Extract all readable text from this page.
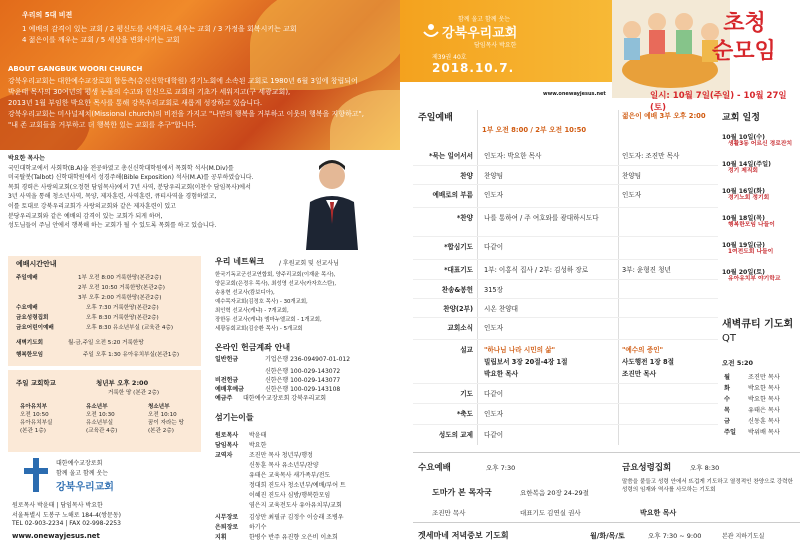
우리의 5대 비젼
1 예배의 감격이 있는 교회 / 2 평신도를 사역자로 세우는 교회 / 3 가정을 회복시키는 교회
4 젊은이를 깨우는 교회 / 5 세상을 변화시키는 교회
ABOUT GANGBUK WOORI CHURCH
강북우리교회는 대한예수교장로회 합동측(총신신학대학원) 경기노회에 소속된 교회로 1980년 6월 3일에 창립되어
박윤태 목사의 30여년의 평생 눈물의 수고와 헌신으로 교회의 기초가 세워지고(구 세광교회),
2013년 1월 부임한 박요한 목사를 통해 강북우리교회로 새롭게 성장하고 있습니다.
강북우리교회는 미사널제치(Missional church)의 비전을 가지고 "나만의 행복을 거부하고 이웃의 행복을 지향하고",
"내 존 교회들을 거부하고 더 행복한 있는 교회를 추구"합니다.
함께 울고 함께 웃는
강북우리교회
담임목사 박요한
제39권 40호
2018.10.7.
www.onewayjesus.net
초청
순모임
일시: 10월 7일(주일) - 10월 27일(토)
박요한 목사는
국민대학교에서 사회학(B.A)을 전공하였고 총신신학대학원에서 목회학 석사(M.Div)를
미국탈봇(Talbot) 신학대학원에서 성경주해(Bible Exposition) 석사(M.A)를 공부하였습니다.
목회 경력은 사랑의교회(오정현 담임목사)에서 7년 사역, 분당우리교회(이찬수 담임목사)에서
3년 사역을 통해 청소년사역, 목양, 제자훈련, 사역훈련, 큐티사역을 경험하였고,
이를 토대로 강북우리교회가 사랑의교회와 같은 제자훈련이 있고
분당우리교회와 같은 예배의 감격이 있는 교회가 되게 하며,
성도님들이 주님 안에서 행복해 하는 교회가 될 수 있도록 목회를 하고 있습니다.
예배시간안내
주일예배	1부 오전 8:00 거룩한땅(본관2층)
2부 오전 10:50 거룩한땅(본관2층)
3부 오후 2:00 거룩한땅(본관2층)
수요예배	오후 7:30 거룩한땅(본관2층)
금요성령집회	오후 8:30 거룩한땅(본관2층)
금요어린이예배	오후 8:30 유소년부실 (교육관 4층)
새벽기도회	월-금,주일 오전 5:20 거룩한땅
행복한모임	주일 오후 1:30 유아유치부실(본관1층)
주일 교회학교	청년부 오후 2:00
거룩한 땅 (본관 2층)
유아유치부
오전 10:50
유아유치부실
(본관 1층)
유소년부
오전 10:30
유소년부실
(교육관 4층)
청소년부
오전 10:10
꿈이 자라는 땅
(본관 2층)
대한예수교장로회
함께 울고 함께 웃는
강북우리교회
원로목사 박윤태 | 담임목사 박요한
서울특별시 도봉구 노해로 184-4(쌍문동)
TEL 02-903-2234 | FAX 02-998-2253
www.onewayjesus.net
우리 네트웍크 / 후원교회 및 선교사님
한국기독교군선교연합회, 양주리교회(이재윤 목사),
양문교회(은정우 목사), 최성영 선교사(카자흐스탄),
송용현 선교사(캄보디아),
예수목자교회(김정호 목사) - 30개교회,
최인혁 선교사(케냐) - 7개교회,
장한동 선교사(케냐) 엠마누엘교회 - 1개교회,
세광동회교회(김승환 목사) - 5개교회
온라인 헌금계좌 안내
일반헌금	기업은행 236-094907-01-012
신한은행 100-029-143072
비전헌금	신한은행 100-029-143077
예배후예금	신한은행 100-029-143108
예금주 대한예수교장로회 강북우리교회
섬기는이들
원로목사 박윤태
담임목사 박요한
교역자	조진만 목사 청년부/행정
신동훈 목사 유소년부/찬양
유태은 교육목사 새가족부/전도
정대희 진도사 청소년부/예배/부어 트
이혜진 진도사 심방/행복한모임
염은지 교육전도사 유아유치부/교회
시무장로 김상만 최필규 김정수 이승래 조병우
은퇴장로 하기수
지휘	한병수 반주 유진향 오은비 이초희
주일예배
1부 오전 8:00 / 2부 오전 10:50
젊은이 예배 3부 오후 2:00
*묵는 일어서서 인도자: 박요한 목사	인도자: 조진만 목사
찬양 찬양팀	찬양팀
예배로의 부름 인도자	인도자
*찬양 나를 통하여 / 주 여호와를 광대하시도다
*합심기도 다같이
*대표기도 1부: 이홍식 집사 / 2부: 김성하 장로	3부: 윤형진 청년
찬송&봉헌 315장
찬양(2부) 시온 찬양대
교회소식 인도자
설교 "하나님 나라 시민의 삶"	"예수의 증인"
빌립보서 3장 20절-4장 1절	사도행전 1장 8절
박요한 목사	조진만 목사
기도 다같이
*축도 인도자
성도의 교제 다같이
교회 일정
10월 10일(수)
생활3동 어르신 경로잔치
10월 14일(주일)
정기 제직회
10월 16일(화)
경기노회 정기회
10월 18일(목)
행복한모임 나들이
10월 19일(금)
1여전도회 나들이
10월 20일(토)
유아유치부 야기학교
새벽큐티 기도회 QT
오전 5:20
월	조진만 목사
화	박요한 목사
수	박요한 목사
목	유태은 목사
금	신동훈 목사
주일 박위배 목사
수요예배	오후 7:30	금요성령집회	오후 8:30
도마가 본 목자국	요한복음 20장 24-29절
조진만 목사	대표기도 김연실 권사
말씀을 붙들고 성령 안에서 뜨겁게 기도하고 열정적인 찬양으로 강력한 성령의 임재와 역사를 사모하는 기도회
박요한 목사
겟세마네 저녁중보 기도회	월/화/목/토	오후 7:30 ~ 9:00	본관 지하기도실
